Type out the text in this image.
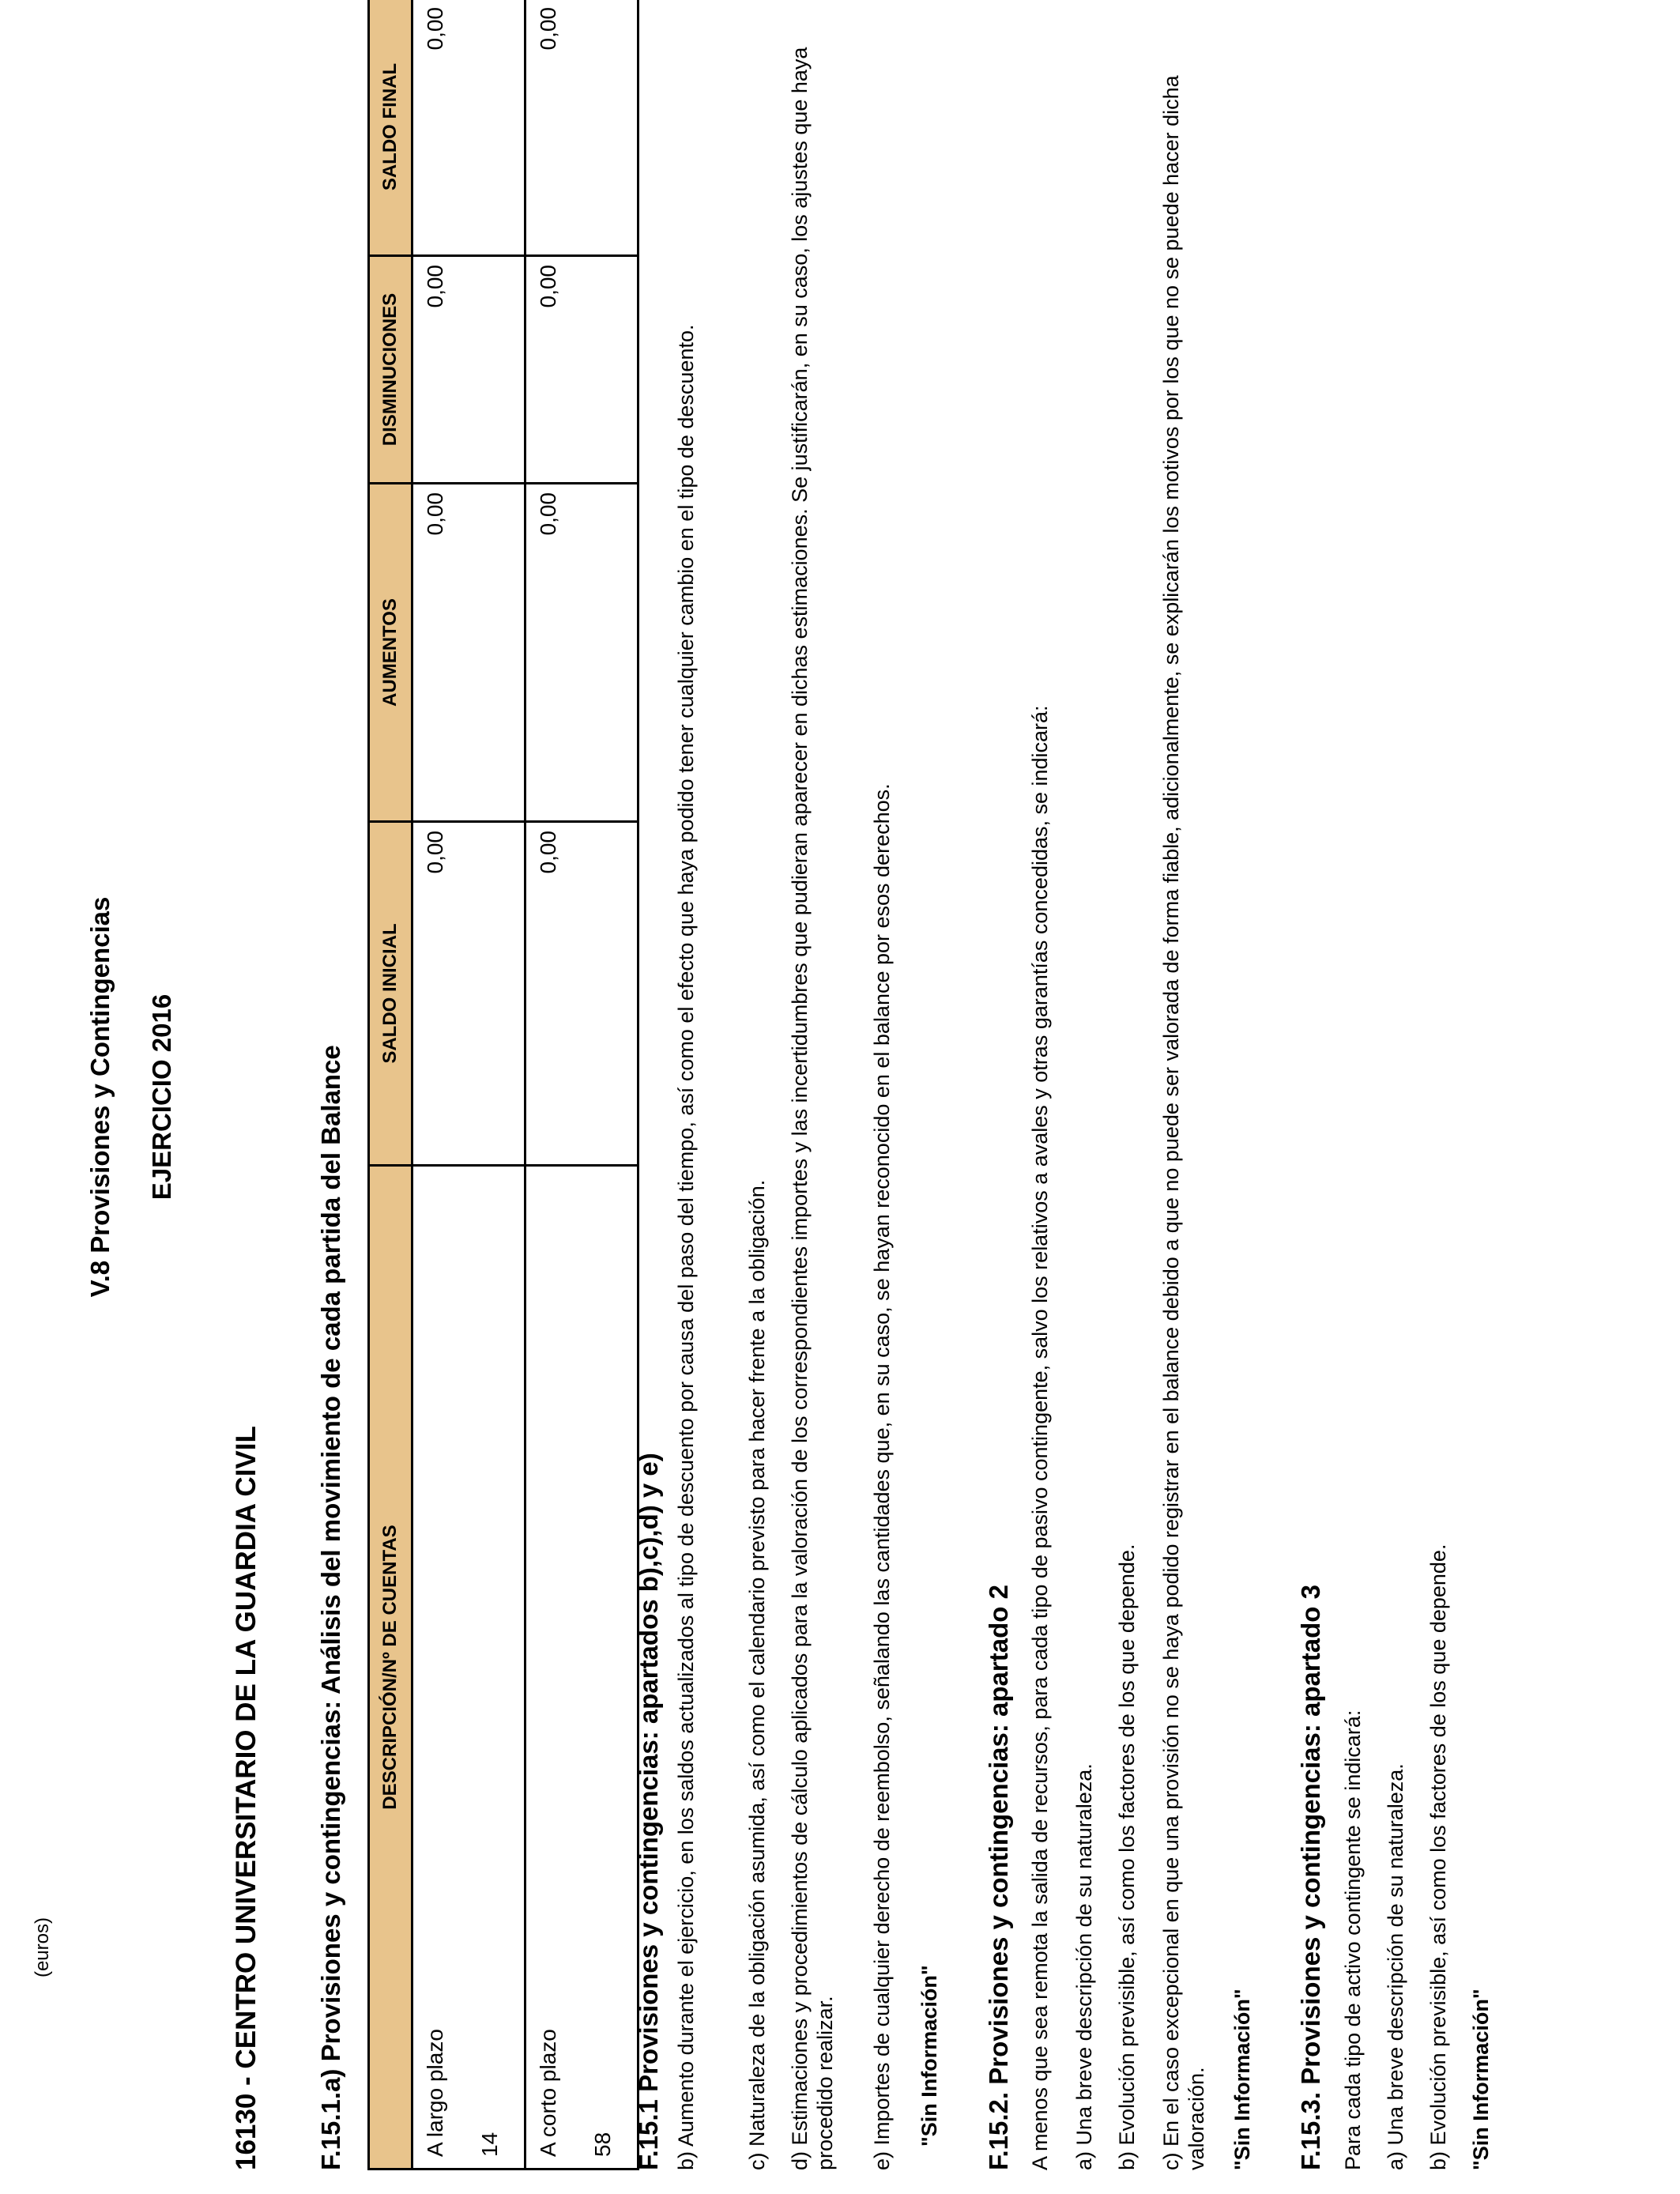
V.8 Provisiones y Contingencias EJERCICIO 2016
(euros)	16130 - CENTRO UNIVERSITARIO DE LA GUARDIA CIVIL F.15.1.a) Provisiones y contingencias: Análisis del movimiento de cada partida del Balance DESCRIPCIÓN/Nº DE CUENTAS	SALDO INICIAL	AUMENTOS	DISMINUCIONES	SALDO FINAL

A largo plazo 14	0,00	0,00	0,00	0,00

A corto plazo 58	0,00	0,00	0,00	0,00
F.15.1 Provisiones y contingencias: apartados b),c),d) y e) b) Aumento durante el ejercicio, en los saldos actualizados al tipo de descuento por causa del paso del tiempo, así como el efecto que haya podido tener cualquier cambio en el tipo de descuento. c) Naturaleza de la obligación asumida, así como el calendario previsto para hacer frente a la obligación. d) Estimaciones y procedimientos de cálculo aplicados para la valoración de los correspondientes importes y las incertidumbres que pudieran aparecer en dichas estimaciones. Se justificarán, en su caso, los ajustes que haya procedido realizar. e) Importes de cualquier derecho de reembolso, señalando las cantidades que, en su caso, se hayan reconocido en el balance por esos derechos. "Sin Información" F.15.2. Provisiones y contingencias: apartado 2 A menos que sea remota la salida de recursos, para cada tipo de pasivo contingente, salvo los relativos a avales y otras garantías concedidas, se indicará: a) Una breve descripción de su naturaleza. b) Evolución previsible, así como los factores de los que depende. c) En el caso excepcional en que una provisión no se haya podido registrar en el balance debido a que no puede ser valorada de forma fiable, adicionalmente, se explicarán los motivos por los que no se puede hacer dicha valoración. "Sin Información" F.15.3. Provisiones y contingencias: apartado 3 Para cada tipo de activo contingente se indicará: a) Una breve descripción de su naturaleza. b) Evolución previsible, así como los factores de los que depende. "Sin Información"
